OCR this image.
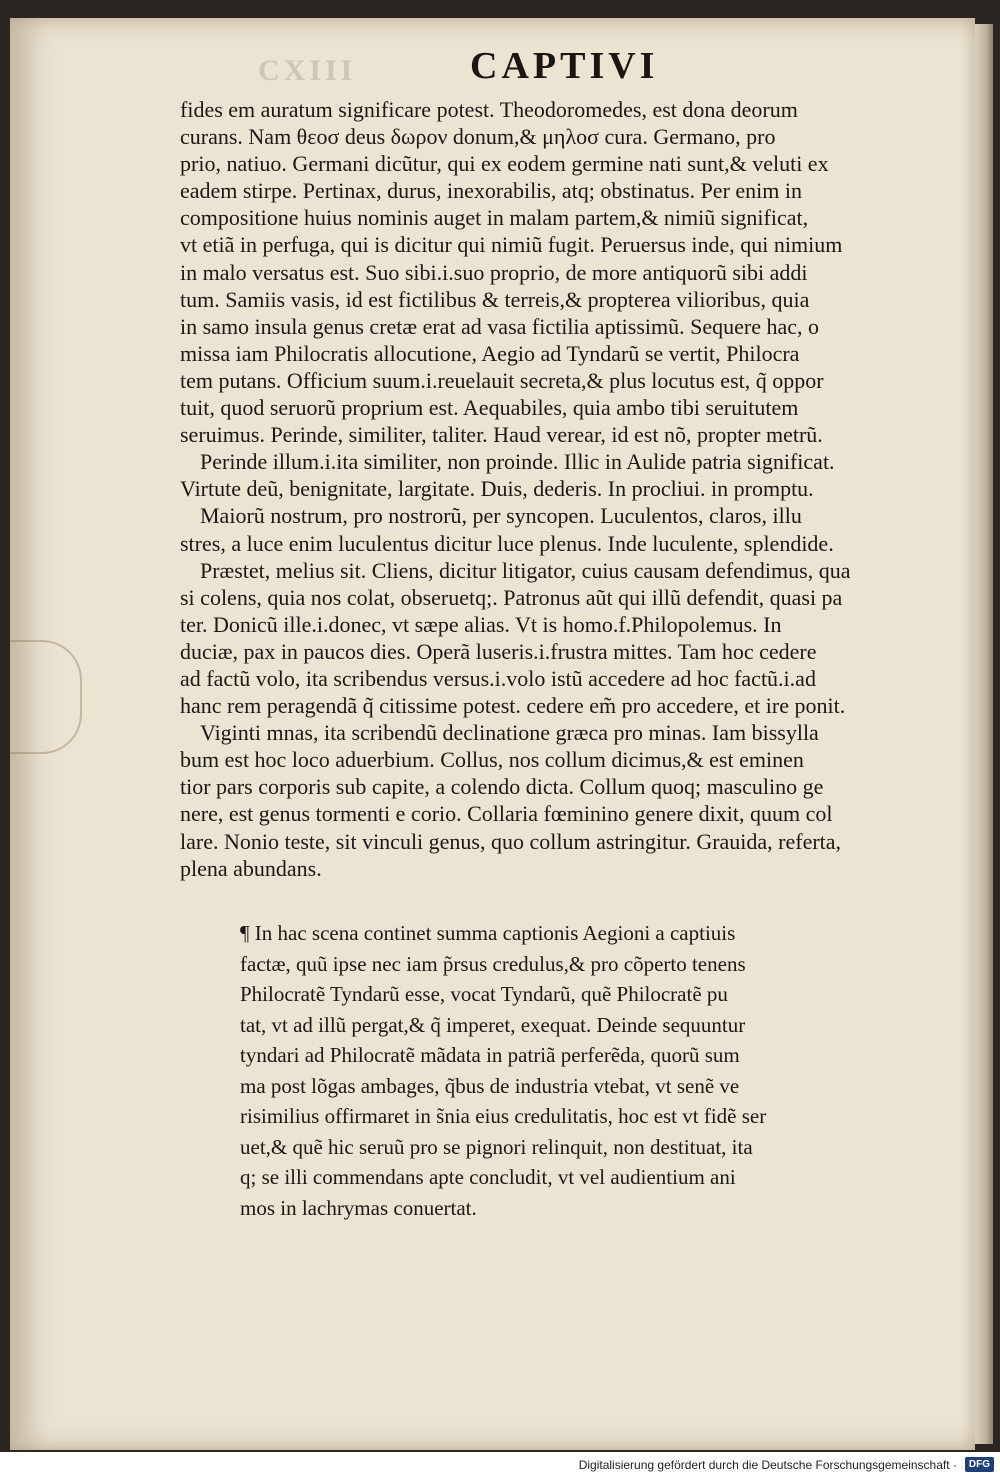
CXIII	CAPTIVI
fides em auratum significare potest. Theodoromedes, est dona deorum
curans. Nam θεοσ deus δωρον donum,& μηλοσ cura. Germano, pro
prio, natiuo. Germani dicũtur, qui ex eodem germine nati sunt,& veluti ex
eadem stirpe. Pertinax, durus, inexorabilis, atq; obstinatus. Per enim in
compositione huius nominis auget in malam partem,& nimiũ significat,
vt etiã in perfuga, qui is dicitur qui nimiũ fugit. Peruersus inde, qui nimium
in malo versatus est. Suo sibi.i.suo proprio, de more antiquorũ sibi addi
tum. Samiis vasis, id est fictilibus & terreis,& propterea vilioribus, quia
in samo insula genus cretæ erat ad vasa fictilia aptissimũ. Sequere hac, o
missa iam Philocratis allocutione, Aegio ad Tyndarũ se vertit, Philocra
tem putans. Officium suum.i.reuelauit secreta,& plus locutus est, q̃ oppor
tuit, quod seruorũ proprium est. Aequabiles, quia ambo tibi seruitutem
seruimus. Perinde, similiter, taliter. Haud verear, id est nõ, propter metrũ.
Perinde illum.i.ita similiter, non proinde. Illic in Aulide patria significat.
Virtute deũ, benignitate, largitate. Duis, dederis. In procliui. in promptu.
Maiorũ nostrum, pro nostrorũ, per syncopen. Luculentos, claros, illu
stres, a luce enim luculentus dicitur luce plenus. Inde luculente, splendide.
Præstet, melius sit. Cliens, dicitur litigator, cuius causam defendimus, qua
si colens, quia nos colat, obseruetq;. Patronus aũt qui illũ defendit, quasi pa
ter. Donicũ ille.i.donec, vt sæpe alias. Vt is homo.f.Philopolemus. In
duciæ, pax in paucos dies. Operã luseris.i.frustra mittes. Tam hoc cedere
ad factũ volo, ita scribendus versus.i.volo istũ accedere ad hoc factũ.i.ad
hanc rem peragendã q̃ citissime potest. cedere em̃ pro accedere, et ire ponit.
Viginti mnas, ita scribendũ declinatione græca pro minas. Iam bissylla
bum est hoc loco aduerbium. Collus, nos collum dicimus,& est eminen
tior pars corporis sub capite, a colendo dicta. Collum quoq; masculino ge
nere, est genus tormenti e corio. Collaria fœminino genere dixit, quum col
lare. Nonio teste, sit vinculi genus, quo collum astringitur. Grauida, referta,
plena abundans.
¶ In hac scena continet summa captionis Aegioni a captiuis
factæ, quũ ipse nec iam p̃rsus credulus,& pro cõperto tenens
Philocratẽ Tyndarũ esse, vocat Tyndarũ, quẽ Philocratẽ pu
tat, vt ad illũ pergat,& q̃ imperet, exequat. Deinde sequuntur
tyndari ad Philocratẽ mãdata in patriã perferẽda, quorũ sum
ma post lõgas ambages, q̃bus de industria vtebat, vt senẽ ve
risimilius offirmaret in s̃nia eius credulitatis, hoc est vt fidẽ ser
uet,& quẽ hic seruũ pro se pignori relinquit, non destituat, ita
q; se illi commendans apte concludit, vt vel audientium ani
mos in lachrymas conuertat.
Digitalisierung gefördert durch die Deutsche Forschungsgemeinschaft ·	DFG
